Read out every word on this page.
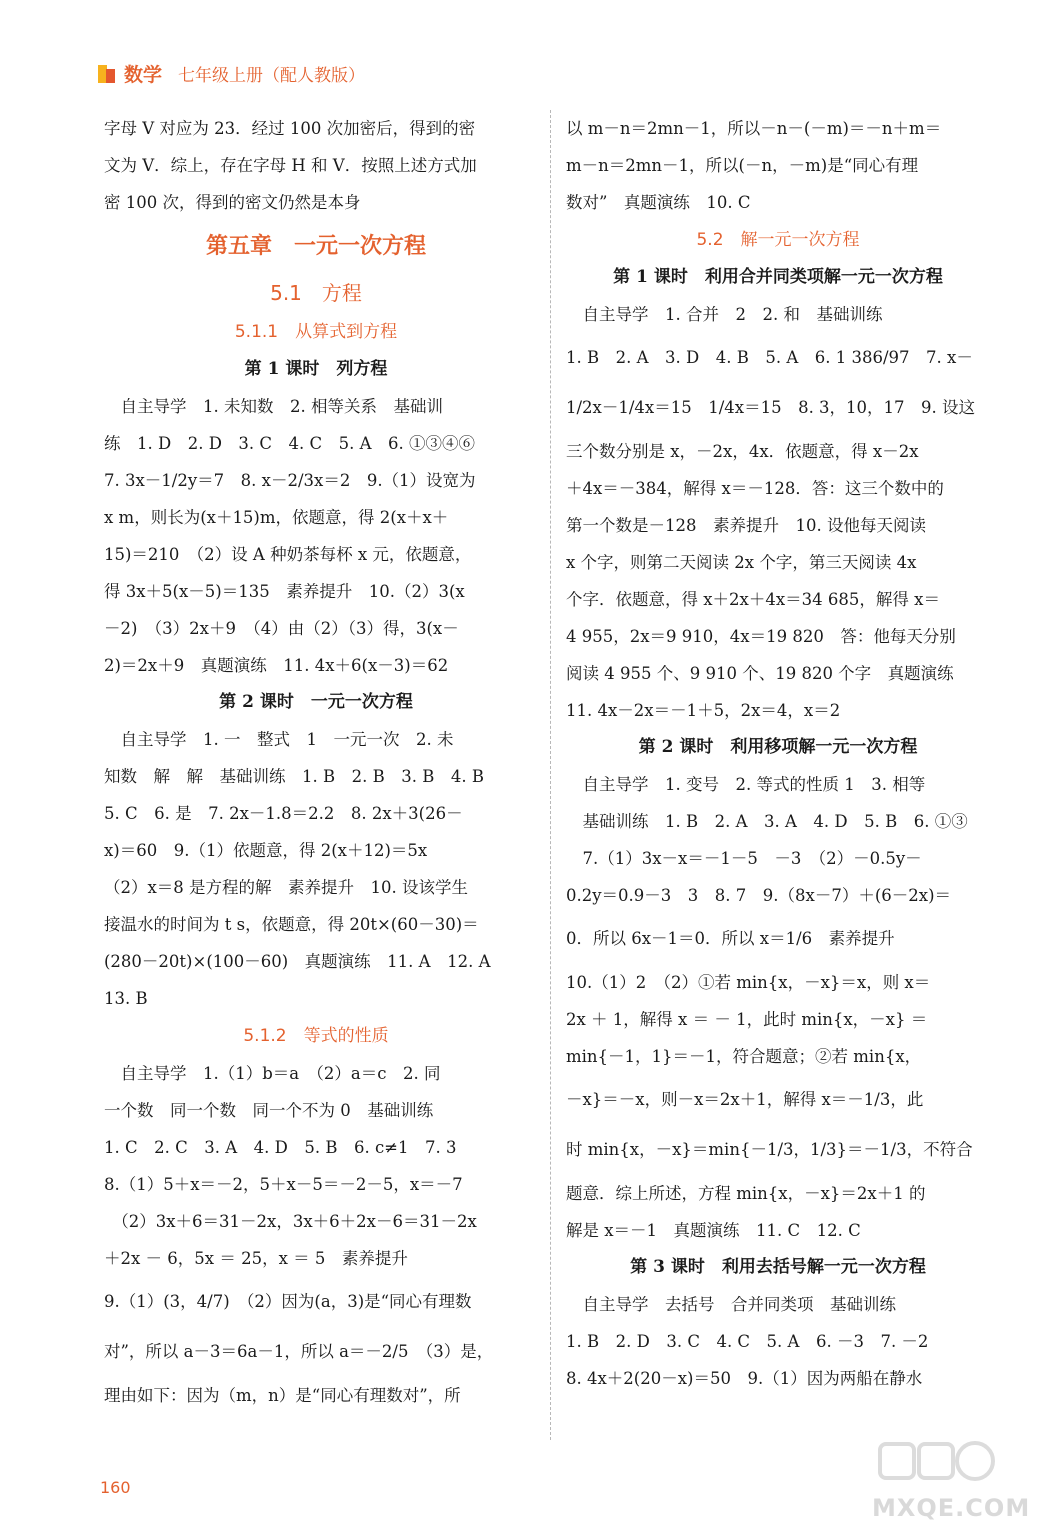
数学 七年级上册（配人教版）
字母 V 对应为 23．经过 100 次加密后，得到的密
文为 V．综上，存在字母 H 和 V．按照上述方式加
密 100 次，得到的密文仍然是本身
第五章　一元一次方程
5.1　方程
5.1.1　从算式到方程
第 1 课时　列方程
　自主导学　1. 未知数　2. 相等关系　基础训
练　1. D　2. D　3. C　4. C　5. A　6. ①③④⑥
7. 3x－1/2y＝7　8. x－2/3x＝2　9.（1）设宽为
x m，则长为(x＋15)m，依题意，得 2(x＋x＋
15)＝210　（2）设 A 种奶茶每杯 x 元，依题意，
得 3x＋5(x－5)＝135　素养提升　10.（2）3(x
－2)　（3）2x＋9　（4）由（2）（3）得，3(x－
2)＝2x＋9　真题演练　11. 4x＋6(x－3)＝62
第 2 课时　一元一次方程
　自主导学　1. 一　整式　1　一元一次　2. 未
知数　解　解　基础训练　1. B　2. B　3. B　4. B
5. C　6. 是　7. 2x－1.8＝2.2　8. 2x＋3(26－
x)＝60　9.（1）依题意，得 2(x＋12)＝5x
（2）x＝8 是方程的解　素养提升　10. 设该学生
接温水的时间为 t s，依题意，得 20t×(60－30)＝
(280－20t)×(100－60)　真题演练　11. A　12. A
13. B
5.1.2　等式的性质
　自主导学　1.（1）b＝a　（2）a＝c　2. 同
一个数　同一个数　同一个不为 0　基础训练
1. C　2. C　3. A　4. D　5. B　6. c≠1　7. 3
8.（1）5＋x＝－2，5＋x－5＝－2－5，x＝－7
　（2）3x＋6＝31－2x，3x＋6＋2x－6＝31－2x
＋2x － 6，5x ＝ 25，x ＝ 5　素养提升
9.（1）(3，4/7)　（2）因为(a，3)是“同心有理数
对”，所以 a－3＝6a－1，所以 a＝－2/5　（3）是，
理由如下：因为（m，n）是“同心有理数对”，所
以 m－n＝2mn－1，所以－n－(－m)＝－n＋m＝
m－n＝2mn－1，所以(－n，－m)是“同心有理
数对”　真题演练　10. C
5.2　解一元一次方程
第 1 课时　利用合并同类项解一元一次方程
　自主导学　1. 合并　2　2. 和　基础训练
1. B　2. A　3. D　4. B　5. A　6. 1 386/97　7. x－
1/2x－1/4x＝15　1/4x＝15　8. 3，10，17　9. 设这
三个数分别是 x，－2x，4x．依题意，得 x－2x
＋4x＝－384，解得 x＝－128．答：这三个数中的
第一个数是－128　素养提升　10. 设他每天阅读
x 个字，则第二天阅读 2x 个字，第三天阅读 4x
个字．依题意，得 x＋2x＋4x＝34 685，解得 x＝
4 955，2x＝9 910，4x＝19 820　答：他每天分别
阅读 4 955 个、9 910 个、19 820 个字　真题演练
11. 4x－2x＝－1＋5，2x＝4，x＝2
第 2 课时　利用移项解一元一次方程
　自主导学　1. 变号　2. 等式的性质 1　3. 相等
　基础训练　1. B　2. A　3. A　4. D　5. B　6. ①③
　7.（1）3x－x＝－1－5　－3　（2）－0.5y－
0.2y＝0.9－3　3　8. 7　9.（8x－7）＋(6－2x)＝
0．所以 6x－1＝0．所以 x＝1/6　素养提升
10.（1）2　（2）①若 min{x，－x}＝x，则 x＝
2x ＋ 1，解得 x ＝ － 1，此时 min{x，－x} ＝
min{－1，1}＝－1，符合题意；②若 min{x，
－x}＝－x，则－x＝2x＋1，解得 x＝－1/3，此
时 min{x，－x}＝min{－1/3，1/3}＝－1/3，不符合
题意．综上所述，方程 min{x，－x}＝2x＋1 的
解是 x＝－1　真题演练　11. C　12. C
第 3 课时　利用去括号解一元一次方程
　自主导学　去括号　合并同类项　基础训练
1. B　2. D　3. C　4. C　5. A　6. －3　7. －2
8. 4x＋2(20－x)＝50　9.（1）因为两船在静水
160
MXQE.COM
